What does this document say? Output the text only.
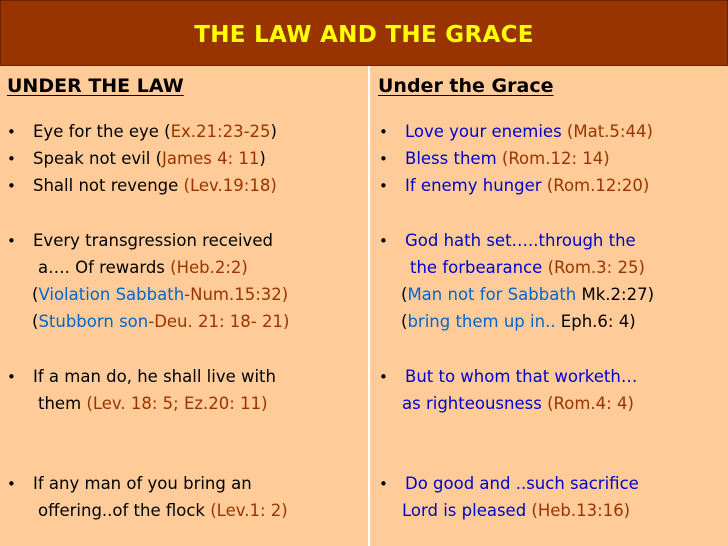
THE LAW AND THE GRACE
UNDER THE LAW
• Eye for the eye (Ex.21:23-25)
• Speak not evil (James 4: 11)
• Shall not revenge (Lev.19:18)
• Every transgression received
a…. Of rewards (Heb.2:2)
(Violation Sabbath-Num.15:32)
(Stubborn son-Deu. 21: 18- 21)
• If a man do, he shall live with
them (Lev. 18: 5; Ez.20: 11)
• If any man of you bring an
offering..of the flock (Lev.1: 2)
Under the Grace
• Love your enemies (Mat.5:44)
• Bless them (Rom.12: 14)
• If enemy hunger (Rom.12:20)
• God hath set…..through the
the forbearance (Rom.3: 25)
(Man not for Sabbath Mk.2:27)
(bring them up in.. Eph.6: 4)
• But to whom that worketh…
as righteousness (Rom.4: 4)
• Do good and ..such sacrifice
Lord is pleased (Heb.13:16)
